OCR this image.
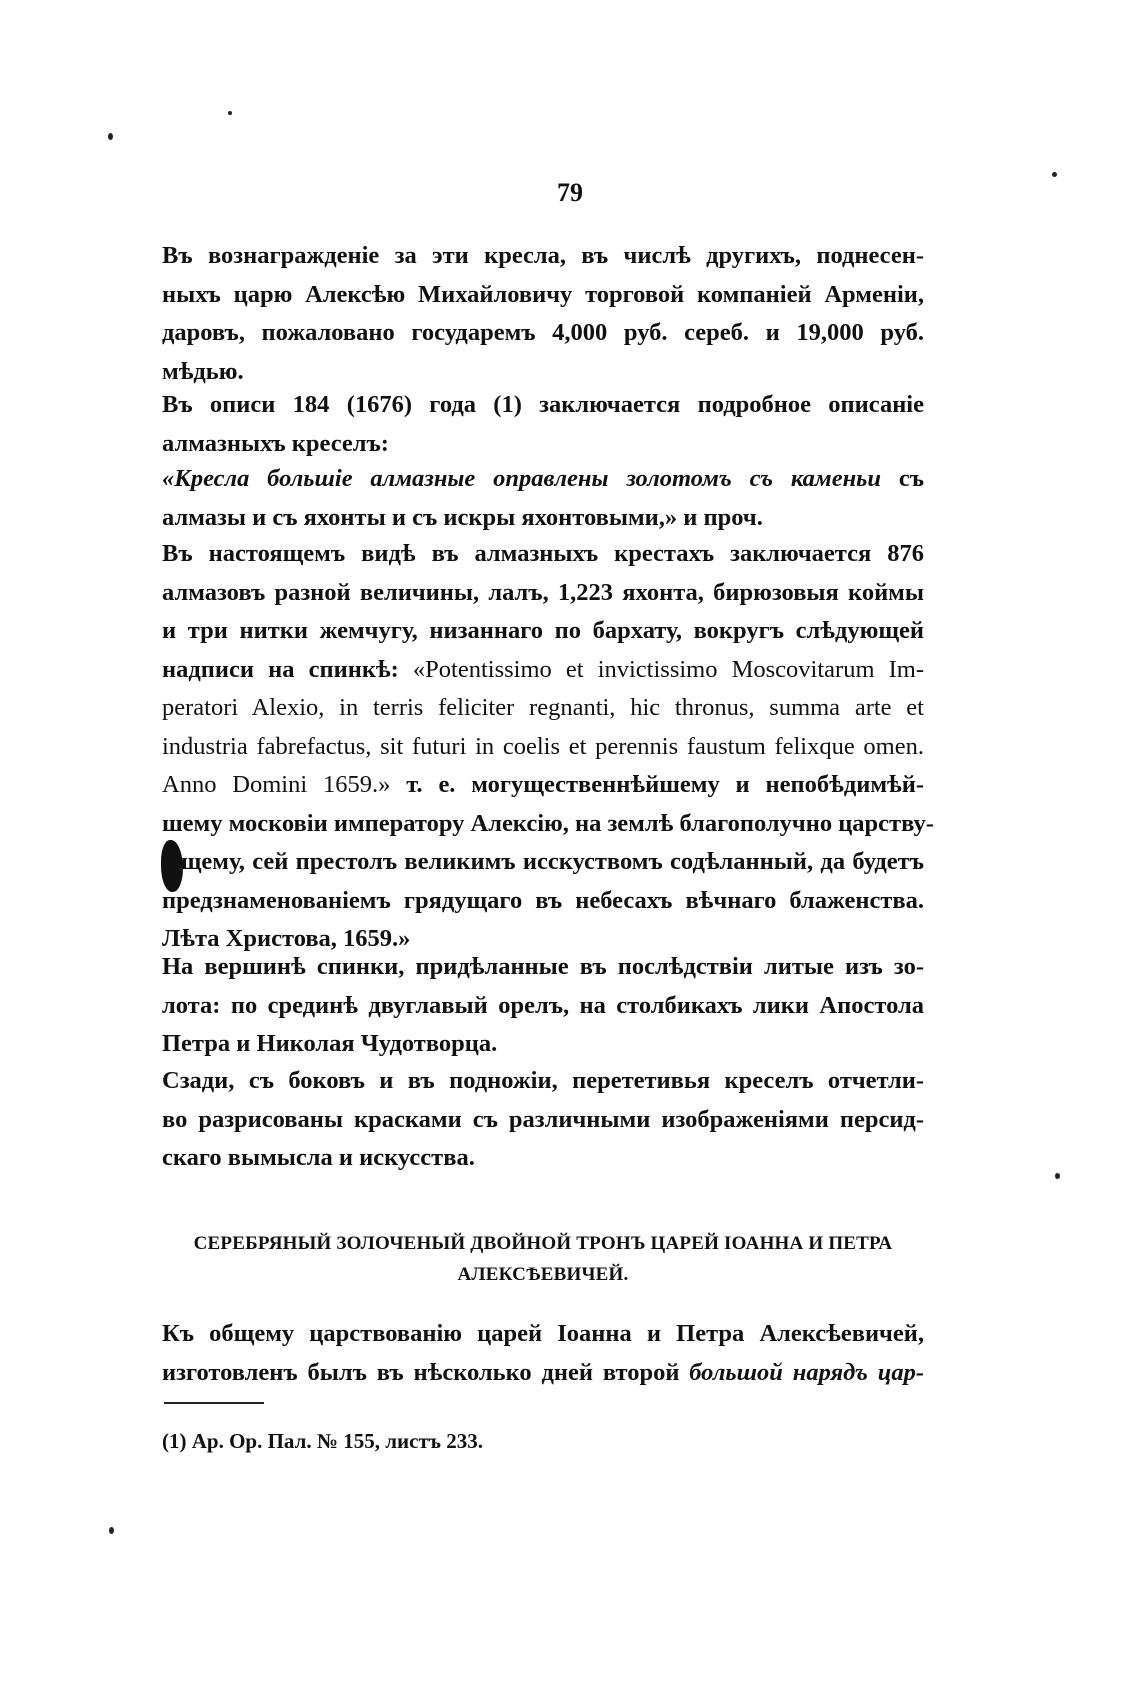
79
Въ вознагражденіе за эти кресла, въ числѣ другихъ, поднесен-
ныхъ царю Алексѣю Михайловичу торговой компаніей Арменіи,
даровъ, пожаловано государемъ 4,000 руб. сереб. и 19,000 руб.
мѣдью.
Въ описи 184 (1676) года (1) заключается подробное описаніе
алмазныхъ креселъ:
«Кресла большіе алмазные оправлены золотомъ съ каменьи съ
алмазы и съ яхонты и съ искры яхонтовыми,» и проч.
Въ настоящемъ видѣ въ алмазныхъ крестахъ заключается 876
алмазовъ разной величины, лалъ, 1,223 яхонта, бирюзовыя коймы
и три нитки жемчугу, низаннаго по бархату, вокругъ слѣдующей
надписи на спинкѣ: «Potentissimo et invictissimo Moscovitarum Im-
peratori Alexio, in terris feliciter regnanti, hic thronus, summa arte et
industria fabrefactus, sit futuri in coelis et perennis faustum felixque omen.
Anno Domini 1659.» т. е. могущественнѣйшему и непобѣдимѣй-
шему московіи императору Алексію, на землѣ благополучно царству-
ющему, сей престолъ великимъ исскуствомъ содѣланный, да будетъ
предзнаменованіемъ грядущаго въ небесахъ вѣчнаго блаженства.
Лѣта Христова, 1659.»
На вершинѣ спинки, придѣланные въ послѣдствіи литые изъ зо-
лота: по срединѣ двуглавый орелъ, на столбикахъ лики Апостола
Петра и Николая Чудотворца.
Сзади, съ боковъ и въ подножіи, перететивья креселъ отчетли-
во разрисованы красками съ различными изображеніями персид-
скаго вымысла и искусства.
СЕРЕБРЯНЫЙ ЗОЛОЧЕНЫЙ ДВОЙНОЙ ТРОНЪ ЦАРЕЙ ІОАННА И ПЕТРА
АЛЕКСѢЕВИЧЕЙ.
Къ общему царствованію царей Іоанна и Петра Алексѣевичей,
изготовленъ былъ въ нѣсколько дней второй большой нарядъ цар-
(1) Ар. Ор. Пал. № 155, листъ 233.
